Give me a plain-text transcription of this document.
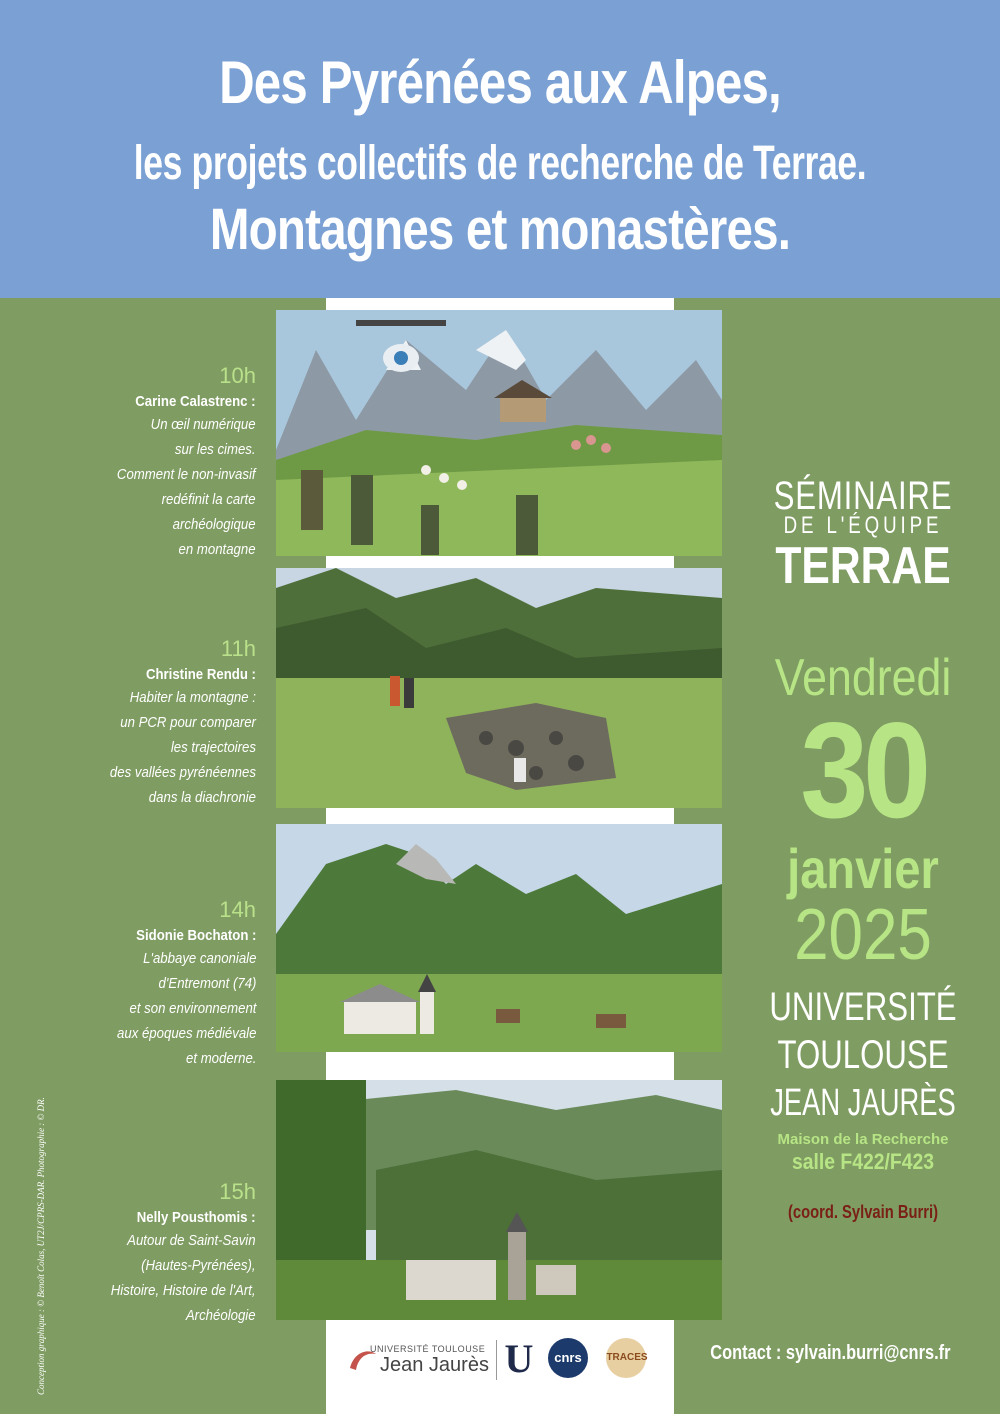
Des Pyrénées aux Alpes,
les projets collectifs de recherche de Terrae.
Montagnes et monastères.
10h
Carine Calastrenc :
Un œil numérique
sur les cimes.
Comment le non-invasif
redéfinit la carte
archéologique
en montagne
11h
Christine Rendu :
Habiter la montagne :
un PCR pour comparer
les trajectoires
des vallées pyrénéennes
dans la diachronie
14h
Sidonie Bochaton :
L'abbaye canoniale
d'Entremont (74)
et son environnement
aux époques médiévale
et moderne.
15h
Nelly Pousthomis :
Autour de Saint-Savin
(Hautes-Pyrénées),
Histoire, Histoire de l'Art,
Archéologie
SÉMINAIRE
DE L'ÉQUIPE
TERRAE
Vendredi
30
janvier
2025
UNIVERSITÉ
TOULOUSE
JEAN JAURÈS
Maison de la Recherche
salle F422/F423
(coord. Sylvain Burri)
Contact : sylvain.burri@cnrs.fr
Conception graphique : © Benoît Colas, UT2J/CPRS-DAR. Photographie : © DR.	UNIVERSITÉ TOULOUSE
Jean Jaurès U	cnrs	TRACES
